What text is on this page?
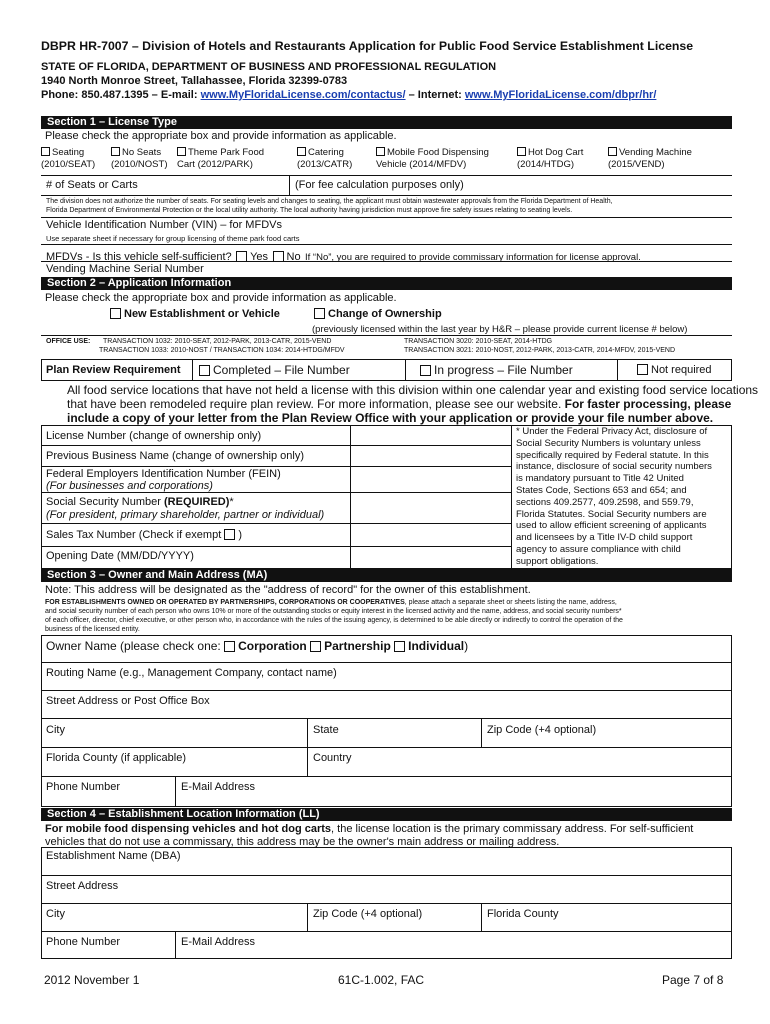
DBPR HR-7007 – Division of Hotels and Restaurants Application for Public Food Service Establishment License
STATE OF FLORIDA, DEPARTMENT OF BUSINESS AND PROFESSIONAL REGULATION
1940 North Monroe Street, Tallahassee, Florida 32399-0783
Phone: 850.487.1395 – E-mail: www.MyFloridaLicense.com/contactus/ – Internet: www.MyFloridaLicense.com/dbpr/hr/
Section 1 – License Type
Please check the appropriate box and provide information as applicable.
Seating
(2010/SEAT)
No Seats
(2010/NOST)
Theme Park Food
Cart (2012/PARK)
Catering
(2013/CATR)
Mobile Food Dispensing
Vehicle (2014/MFDV)
Hot Dog Cart
(2014/HTDG)
Vending Machine
(2015/VEND)
# of Seats or Carts	(For fee calculation purposes only)
The division does not authorize the number of seats. For seating levels and changes to seating, the applicant must obtain wastewater approvals from the Florida Department of Health,
Florida Department of Environmental Protection or the local utility authority. The local authority having jurisdiction must approve fire safety issues relating to seating levels.
Vehicle Identification Number (VIN) – for MFDVs
Use separate sheet if necessary for group licensing of theme park food carts
MFDVs - Is this vehicle self-sufficient? Yes No If “No”, you are required to provide commissary information for license approval.
Vending Machine Serial Number
Section 2 – Application Information
Please check the appropriate box and provide information as applicable.
New Establishment or Vehicle	Change of Ownership
(previously licensed within the last year by H&R – please provide current license # below)
OFFICE USE: TRANSACTION 1032: 2010-SEAT, 2012-PARK, 2013-CATR, 2015-VEND
TRANSACTION 1033: 2010-NOST / TRANSACTION 1034: 2014-HTDG/MFDV
TRANSACTION 3020: 2010-SEAT, 2014-HTDG
TRANSACTION 3021: 2010-NOST, 2012-PARK, 2013-CATR, 2014-MFDV, 2015-VEND
Plan Review Requirement	Completed – File Number	In progress – File Number	Not required
All food service locations that have not held a license with this division within one calendar year and existing food service locations
that have been remodeled require plan review. For more information, please see our website. For faster processing, please
include a copy of your letter from the Plan Review Office with your application or provide your file number above.
License Number (change of ownership only)
Previous Business Name (change of ownership only)
Federal Employers Identification Number (FEIN)
(For businesses and corporations)
Social Security Number (REQUIRED)*
(For president, primary shareholder, partner or individual)
Sales Tax Number (Check if exempt )
Opening Date (MM/DD/YYYY)
* Under the Federal Privacy Act, disclosure of
Social Security Numbers is voluntary unless
specifically required by Federal statute. In this
instance, disclosure of social security numbers
is mandatory pursuant to Title 42 United
States Code, Sections 653 and 654; and
sections 409.2577, 409.2598, and 559.79,
Florida Statutes. Social Security numbers are
used to allow efficient screening of applicants
and licensees by a Title IV-D child support
agency to assure compliance with child
support obligations.
Section 3 – Owner and Main Address (MA)
Note: This address will be designated as the "address of record" for the owner of this establishment.
FOR ESTABLISHMENTS OWNED OR OPERATED BY PARTNERSHIPS, CORPORATIONS OR COOPERATIVES, please attach a separate sheet or sheets listing the name, address,
and social security number of each person who owns 10% or more of the outstanding stocks or equity interest in the licensed activity and the name, address, and social security numbers*
of each officer, director, chief executive, or other person who, in accordance with the rules of the issuing agency, is determined to be able directly or indirectly to control the operation of the
business of the licensed entity.
Owner Name (please check one: Corporation Partnership Individual)
Routing Name (e.g., Management Company, contact name)
Street Address or Post Office Box
City	State	Zip Code (+4 optional)
Florida County (if applicable)	Country
Phone Number	E-Mail Address
Section 4 – Establishment Location Information (LL)
For mobile food dispensing vehicles and hot dog carts, the license location is the primary commissary address. For self-sufficient
vehicles that do not use a commissary, this address may be the owner's main address or mailing address.
Establishment Name (DBA)
Street Address
City	Zip Code (+4 optional)	Florida County
Phone Number	E-Mail Address
2012 November 1	61C-1.002, FAC	Page 7 of 8
